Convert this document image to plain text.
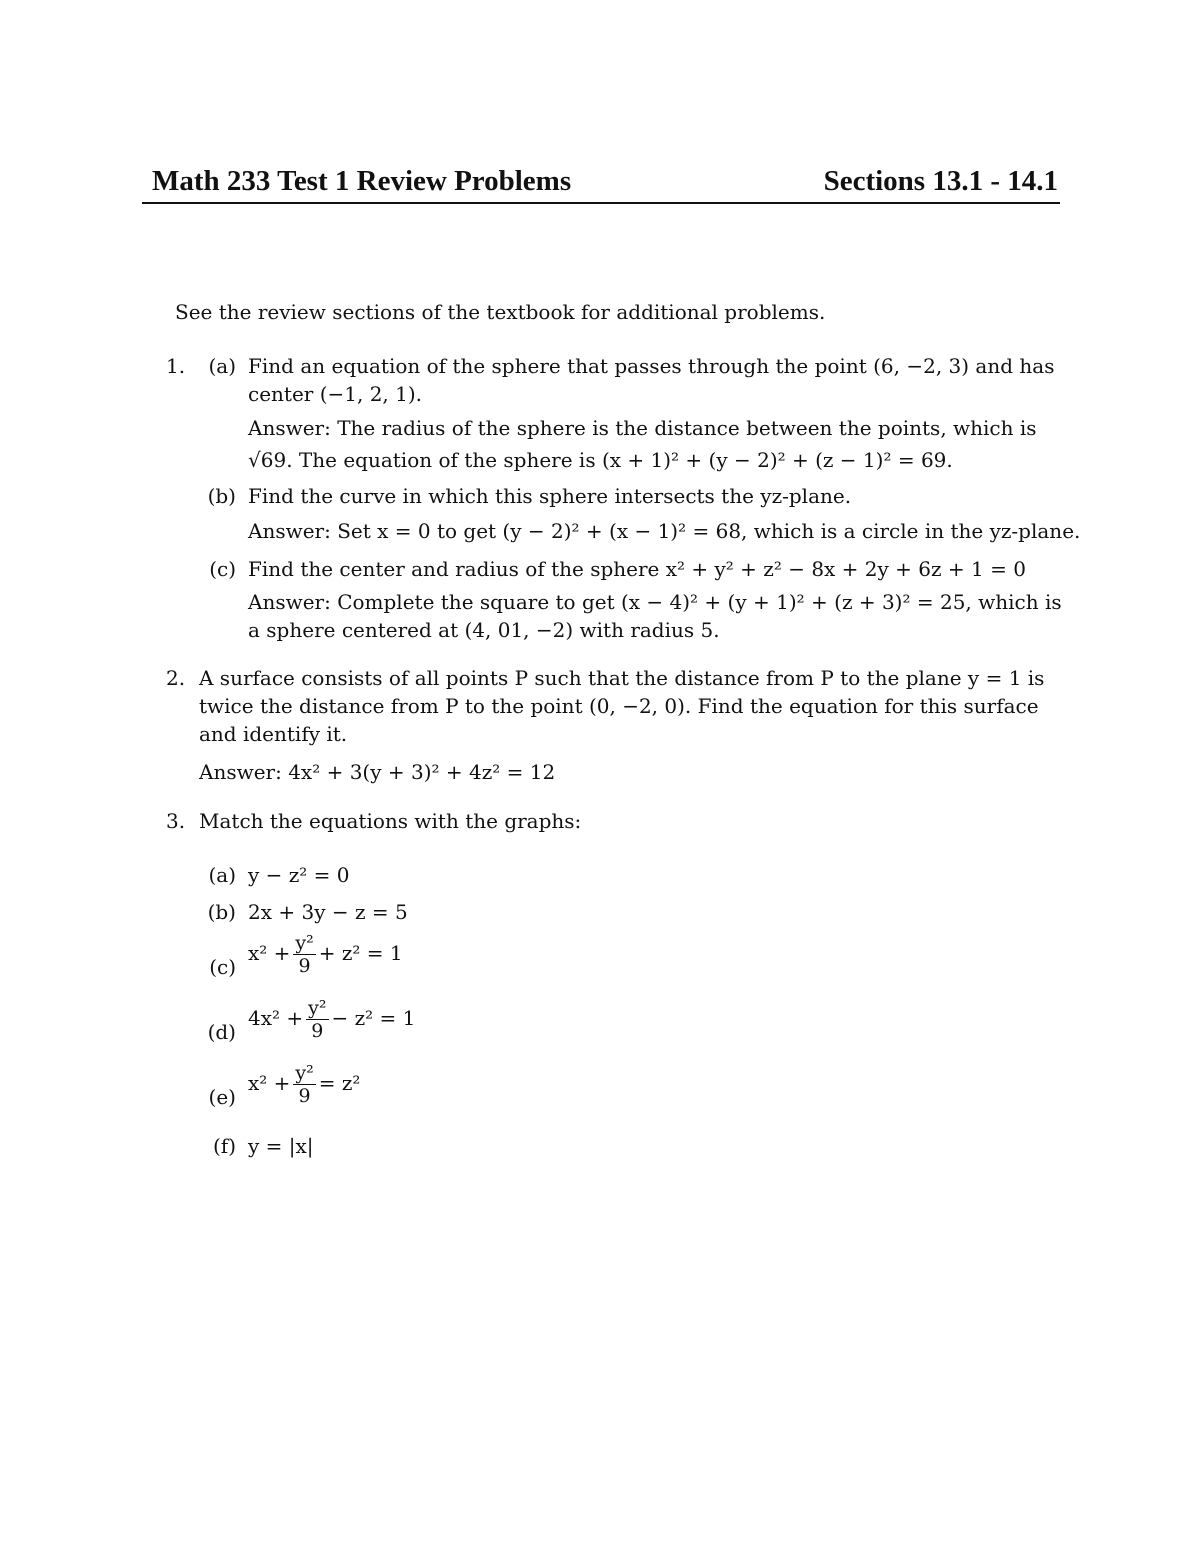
Math 233 Test 1 Review Problems	Sections 13.1 - 14.1
See the review sections of the textbook for additional problems.
1.	(a) Find an equation of the sphere that passes through the point (6, −2, 3) and has
center (−1, 2, 1).
Answer: The radius of the sphere is the distance between the points, which is
√69. The equation of the sphere is (x + 1)² + (y − 2)² + (z − 1)² = 69.
(b) Find the curve in which this sphere intersects the yz-plane.
Answer: Set x = 0 to get (y − 2)² + (x − 1)² = 68, which is a circle in the yz-plane.
(c) Find the center and radius of the sphere x² + y² + z² − 8x + 2y + 6z + 1 = 0
Answer: Complete the square to get (x − 4)² + (y + 1)² + (z + 3)² = 25, which is
a sphere centered at (4, 01, −2) with radius 5.
2. A surface consists of all points P such that the distance from P to the plane y = 1 is
twice the distance from P to the point (0, −2, 0). Find the equation for this surface
and identify it.
Answer: 4x² + 3(y + 3)² + 4z² = 12
3. Match the equations with the graphs:
(a) y − z² = 0
(b) 2x + 3y − z = 5
(c)
$x^2 + \frac{\text{y²}}{9} + z^2 = 1$
(d)
$4x^2 + \frac{\text{y²}}{9} - z^2 = 1$
(e)
$x^2 + \frac{\text{y²}}{9} = z^2$
(f) y = |x|
